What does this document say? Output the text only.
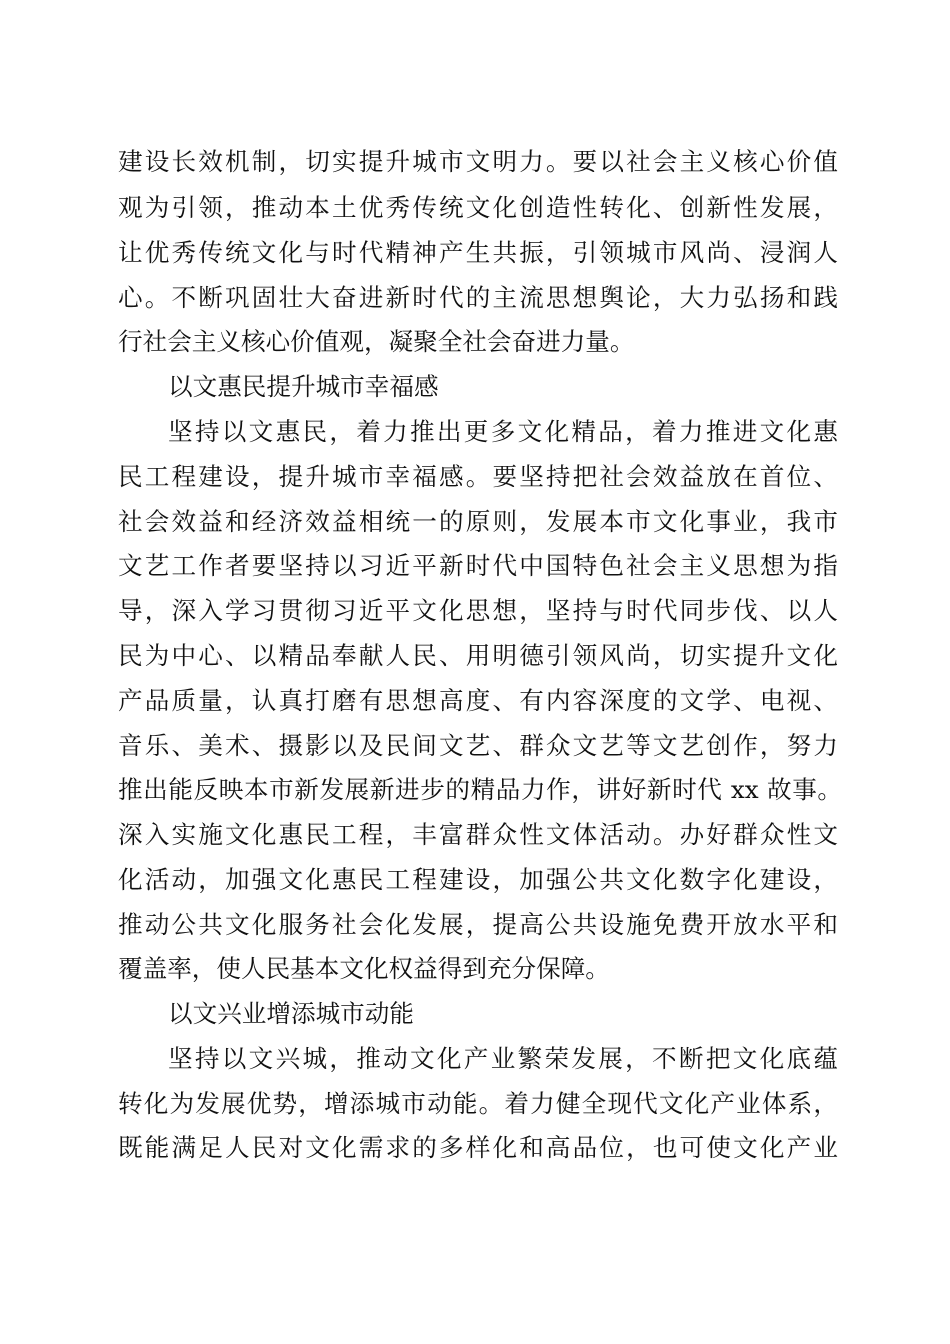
建设长效机制，切实提升城市文明力。要以社会主义核心价值
观为引领，推动本土优秀传统文化创造性转化、创新性发展，
让优秀传统文化与时代精神产生共振，引领城市风尚、浸润人
心。不断巩固壮大奋进新时代的主流思想舆论，大力弘扬和践
行社会主义核心价值观，凝聚全社会奋进力量。
以文惠民提升城市幸福感
坚持以文惠民，着力推出更多文化精品，着力推进文化惠
民工程建设，提升城市幸福感。要坚持把社会效益放在首位、
社会效益和经济效益相统一的原则，发展本市文化事业，我市
文艺工作者要坚持以习近平新时代中国特色社会主义思想为指
导，深入学习贯彻习近平文化思想，坚持与时代同步伐、以人
民为中心、以精品奉献人民、用明德引领风尚，切实提升文化
产品质量，认真打磨有思想高度、有内容深度的文学、电视、
音乐、美术、摄影以及民间文艺、群众文艺等文艺创作，努力
推出能反映本市新发展新进步的精品力作，讲好新时代 xx 故事。
深入实施文化惠民工程，丰富群众性文体活动。办好群众性文
化活动，加强文化惠民工程建设，加强公共文化数字化建设，
推动公共文化服务社会化发展，提高公共设施免费开放水平和
覆盖率，使人民基本文化权益得到充分保障。
以文兴业增添城市动能
坚持以文兴城，推动文化产业繁荣发展，不断把文化底蕴
转化为发展优势，增添城市动能。着力健全现代文化产业体系，
既能满足人民对文化需求的多样化和高品位，也可使文化产业
